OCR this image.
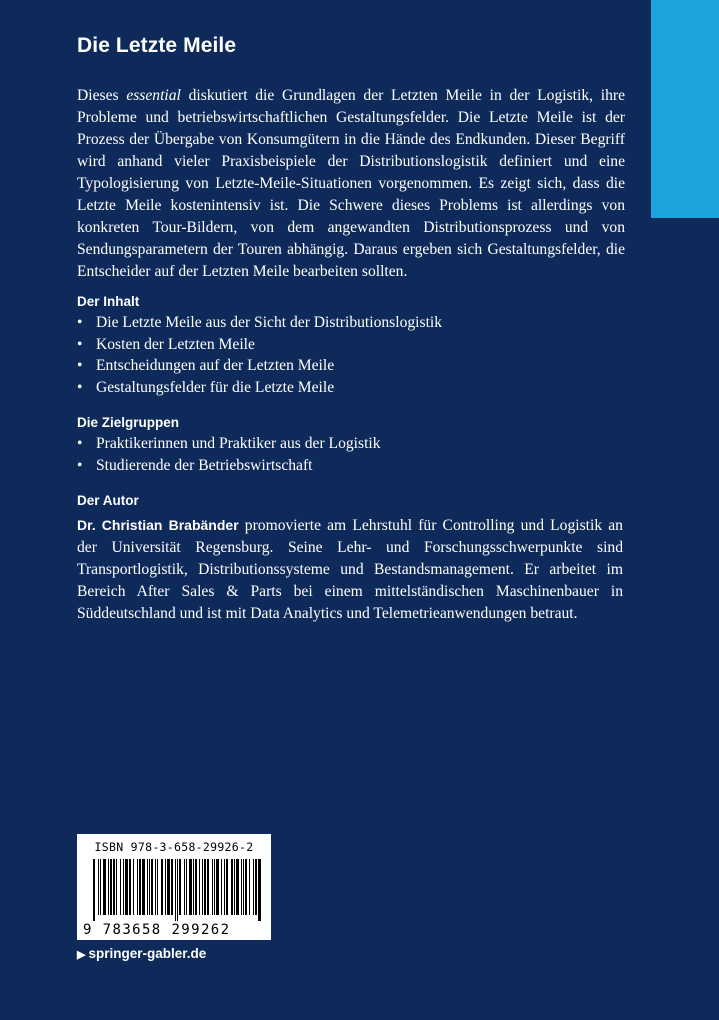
Die Letzte Meile

Dieses essential diskutiert die Grundlagen der Letzten Meile in der Logistik, ihre Probleme und betriebswirtschaftlichen Gestaltungsfelder. Die Letzte Meile ist der Prozess der Übergabe von Konsumgütern in die Hände des Endkunden. Dieser Begriff wird anhand vieler Praxisbeispiele der Distributionslogistik definiert und eine Typologisierung von Letzte-Meile-Situationen vorgenommen. Es zeigt sich, dass die Letzte Meile kostenintensiv ist. Die Schwere dieses Problems ist allerdings von konkreten Tour-Bildern, von dem angewandten Distributionsprozess und von Sendungsparametern der Touren abhängig. Daraus ergeben sich Gestaltungsfelder, die Entscheider auf der Letzten Meile bearbeiten sollten.

Der Inhalt
• Die Letzte Meile aus der Sicht der Distributionslogistik
• Kosten der Letzten Meile
• Entscheidungen auf der Letzten Meile
• Gestaltungsfelder für die Letzte Meile
Die Zielgruppen
• Praktikerinnen und Praktiker aus der Logistik
• Studierende der Betriebswirtschaft
Der Autor

Dr. Christian Brabänder promovierte am Lehrstuhl für Controlling und Logistik an der Universität Regensburg. Seine Lehr- und Forschungsschwerpunkte sind Transportlogistik, Distributionssysteme und Bestandsmanagement. Er arbeitet im Bereich After Sales & Parts bei einem mittelständischen Maschinenbauer in Süddeutschland und ist mit Data Analytics und Telemetrieanwendungen betraut.

ISBN 978-3-658-29926-2
9 783658 299262
▶ springer-gabler.de
